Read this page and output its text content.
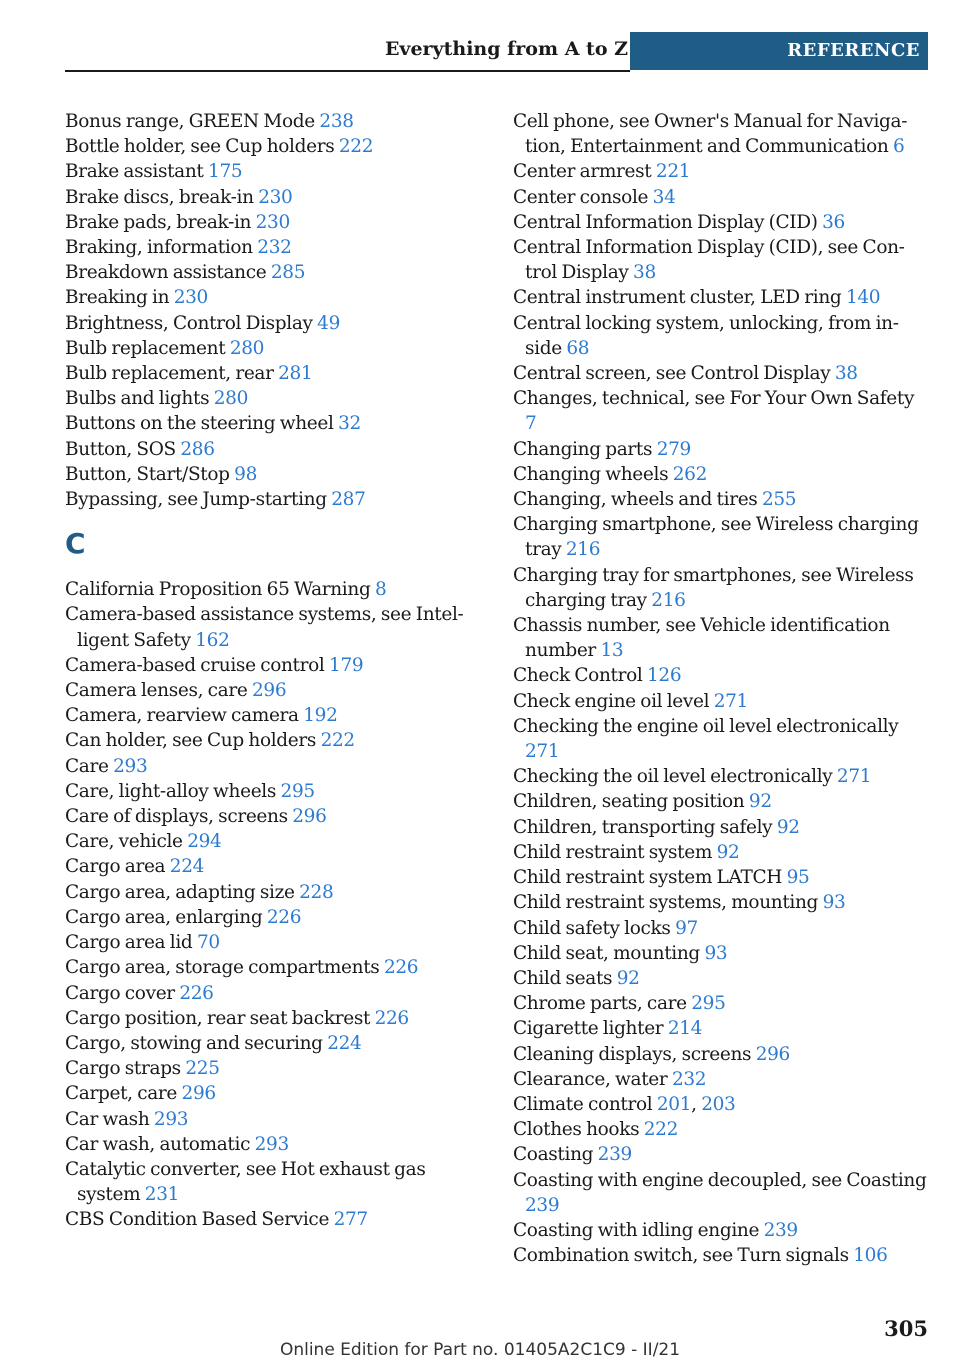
Everything from A to Z	REFERENCE
Bonus range, GREEN Mode 238
Bottle holder, see Cup holders 222
Brake assistant 175
Brake discs, break-in 230
Brake pads, break-in 230
Braking, information 232
Breakdown assistance 285
Breaking in 230
Brightness, Control Display 49
Bulb replacement 280
Bulb replacement, rear 281
Bulbs and lights 280
Buttons on the steering wheel 32
Button, SOS 286
Button, Start/Stop 98
Bypassing, see Jump-starting 287
C
California Proposition 65 Warning 8
Camera-based assistance systems, see Intelligent Safety 162
Camera-based cruise control 179
Camera lenses, care 296
Camera, rearview camera 192
Can holder, see Cup holders 222
Care 293
Care, light-alloy wheels 295
Care of displays, screens 296
Care, vehicle 294
Cargo area 224
Cargo area, adapting size 228
Cargo area, enlarging 226
Cargo area lid 70
Cargo area, storage compartments 226
Cargo cover 226
Cargo position, rear seat backrest 226
Cargo, stowing and securing 224
Cargo straps 225
Carpet, care 296
Car wash 293
Car wash, automatic 293
Catalytic converter, see Hot exhaust gas system 231
CBS Condition Based Service 277
Cell phone, see Owner's Manual for Navigation, Entertainment and Communication 6
Center armrest 221
Center console 34
Central Information Display (CID) 36
Central Information Display (CID), see Control Display 38
Central instrument cluster, LED ring 140
Central locking system, unlocking, from inside 68
Central screen, see Control Display 38
Changes, technical, see For Your Own Safety 7
Changing parts 279
Changing wheels 262
Changing, wheels and tires 255
Charging smartphone, see Wireless charging tray 216
Charging tray for smartphones, see Wireless charging tray 216
Chassis number, see Vehicle identification number 13
Check Control 126
Check engine oil level 271
Checking the engine oil level electronically 271
Checking the oil level electronically 271
Children, seating position 92
Children, transporting safely 92
Child restraint system 92
Child restraint system LATCH 95
Child restraint systems, mounting 93
Child safety locks 97
Child seat, mounting 93
Child seats 92
Chrome parts, care 295
Cigarette lighter 214
Cleaning displays, screens 296
Clearance, water 232
Climate control 201, 203
Clothes hooks 222
Coasting 239
Coasting with engine decoupled, see Coasting 239
Coasting with idling engine 239
Combination switch, see Turn signals 106
305
Online Edition for Part no. 01405A2C1C9 - II/21
